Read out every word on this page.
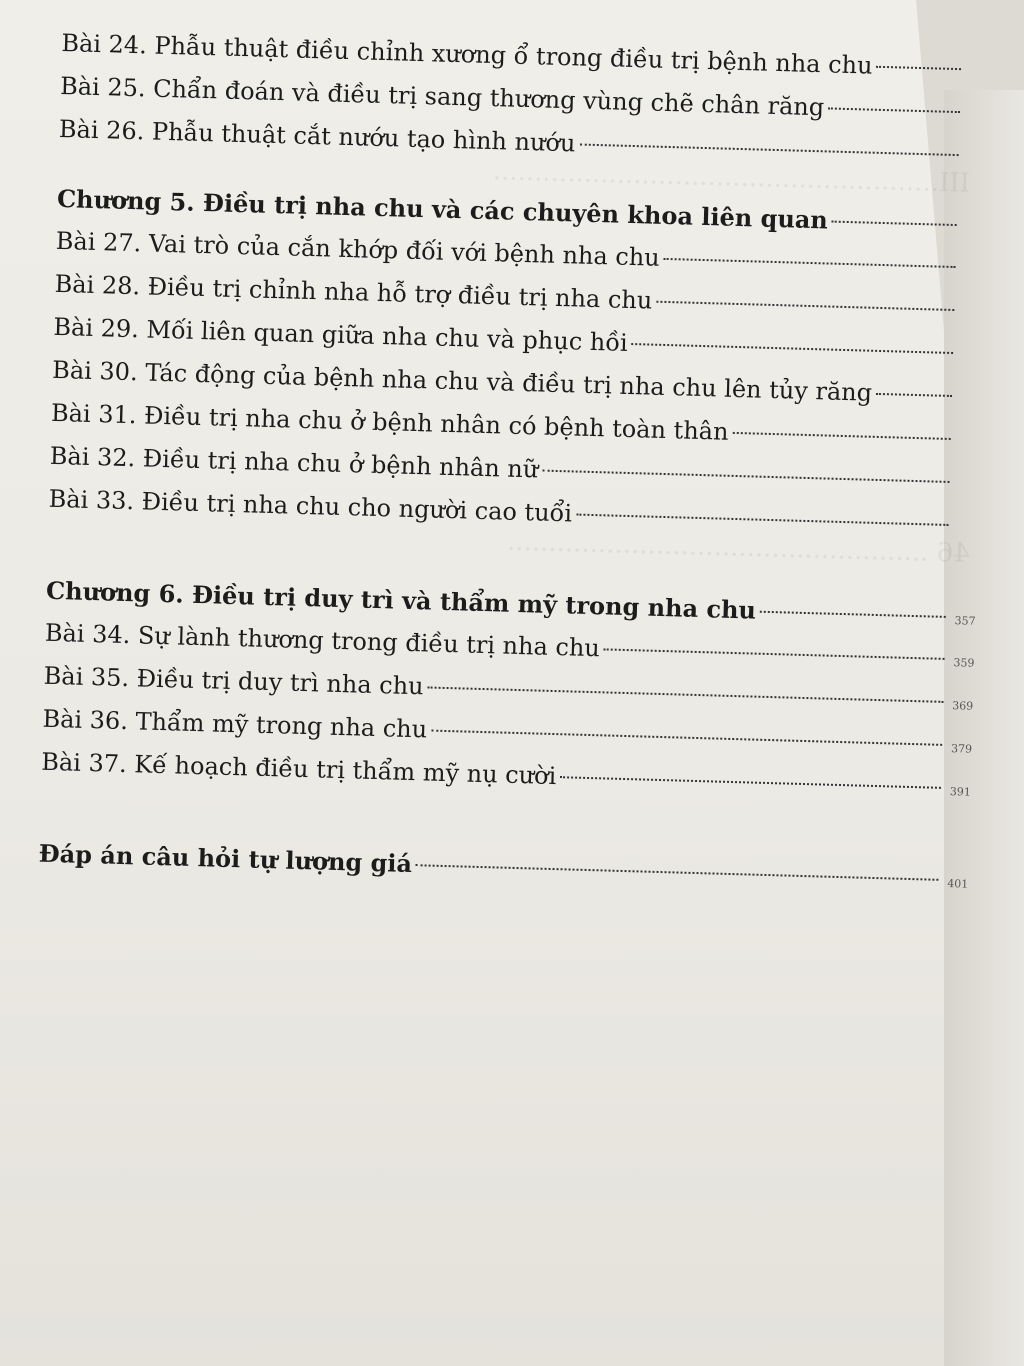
III......................................................
46 ...................................................
Bài 24. Phẫu thuật điều chỉnh xương ổ trong điều trị bệnh nha chu
Bài 25. Chẩn đoán và điều trị sang thương vùng chẽ chân răng
Bài 26. Phẫu thuật cắt nướu tạo hình nướu
Chương 5. Điều trị nha chu và các chuyên khoa liên quan
Bài 27. Vai trò của cắn khớp đối với bệnh nha chu
Bài 28. Điều trị chỉnh nha hỗ trợ điều trị nha chu
Bài 29. Mối liên quan giữa nha chu và phục hồi
Bài 30. Tác động của bệnh nha chu và điều trị nha chu lên tủy răng
Bài 31. Điều trị nha chu ở bệnh nhân có bệnh toàn thân
Bài 32. Điều trị nha chu ở bệnh nhân nữ
Bài 33. Điều trị nha chu cho người cao tuổi
Chương 6. Điều trị duy trì và thẩm mỹ trong nha chu	357
Bài 34. Sự lành thương trong điều trị nha chu
359
Bài 35. Điều trị duy trì nha chu
369
Bài 36. Thẩm mỹ trong nha chu
379
Bài 37. Kế hoạch điều trị thẩm mỹ nụ cười
391
Đáp án câu hỏi tự lượng giá
401
